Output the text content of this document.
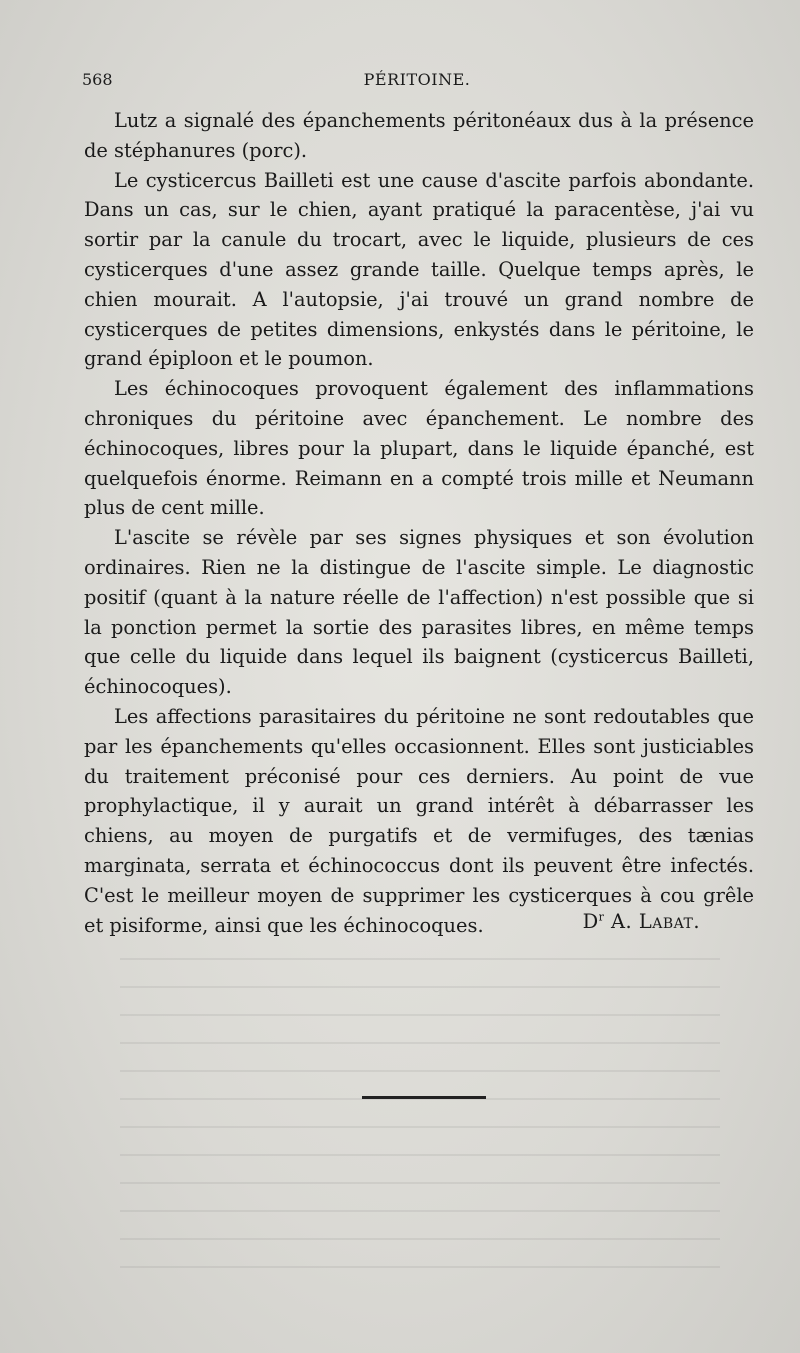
568	PÉRITOINE.

Lutz a signalé des épanchements péritonéaux dus à la présence de stéphanures (porc).

Le cysticercus Bailleti est une cause d'ascite parfois abondante. Dans un cas, sur le chien, ayant pratiqué la paracentèse, j'ai vu sortir par la canule du trocart, avec le liquide, plusieurs de ces cysticerques d'une assez grande taille. Quelque temps après, le chien mourait. A l'autopsie, j'ai trouvé un grand nombre de cysticerques de petites dimensions, enkystés dans le péritoine, le grand épiploon et le poumon.

Les échinocoques provoquent également des inflammations chroniques du péritoine avec épanchement. Le nombre des échinocoques, libres pour la plupart, dans le liquide épanché, est quelquefois énorme. Reimann en a compté trois mille et Neumann plus de cent mille.

L'ascite se révèle par ses signes physiques et son évolution ordinaires. Rien ne la distingue de l'ascite simple. Le diagnostic positif (quant à la nature réelle de l'affection) n'est possible que si la ponction permet la sortie des parasites libres, en même temps que celle du liquide dans lequel ils baignent (cysticercus Bailleti, échinocoques).

Les affections parasitaires du péritoine ne sont redoutables que par les épanchements qu'elles occasionnent. Elles sont justiciables du traitement préconisé pour ces derniers. Au point de vue prophylactique, il y aurait un grand intérêt à débarrasser les chiens, au moyen de purgatifs et de vermifuges, des tænias marginata, serrata et échinococcus dont ils peuvent être infectés. C'est le meilleur moyen de supprimer les cysticerques à cou grêle et pisiforme, ainsi que les échinocoques.	$D^r$ A. Labat.
